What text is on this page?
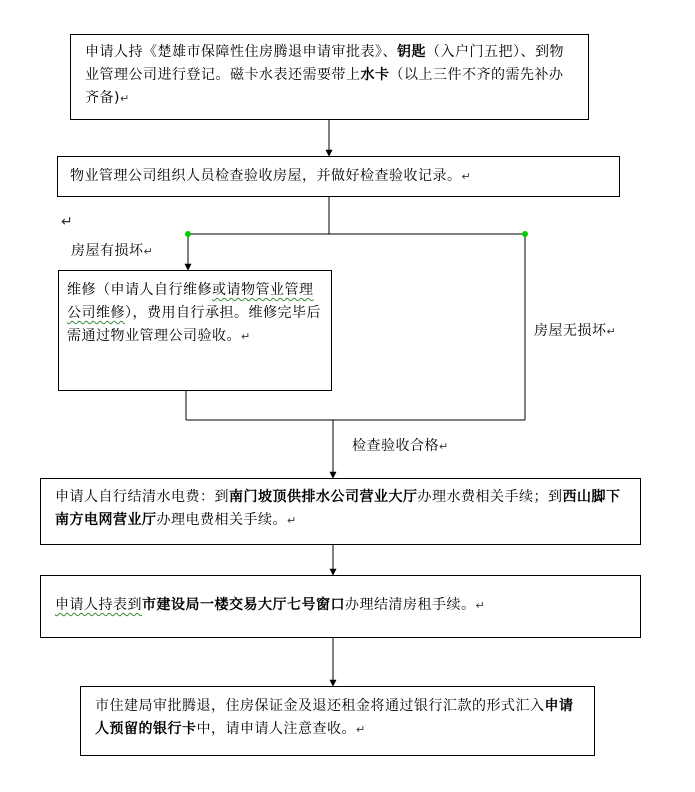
申请人持《楚雄市保障性住房腾退申请审批表》、钥匙（入户门五把）、到物业管理公司进行登记。磁卡水表还需要带上水卡（以上三件不齐的需先补办齐备)↵

物业管理公司组织人员检查验收房屋，并做好检查验收记录。↵

↵
房屋有损坏↵

维修（申请人自行维修或请物管业管理公司维修），费用自行承担。维修完毕后需通过物业管理公司验收。↵	房屋无损坏↵
检查验收合格↵

申请人自行结清水电费：到南门坡顶供排水公司营业大厅办理水费相关手续；到西山脚下南方电网营业厅办理电费相关手续。↵

申请人持表到市建设局一楼交易大厅七号窗口办理结清房租手续。↵

市住建局审批腾退，住房保证金及退还租金将通过银行汇款的形式汇入申请人预留的银行卡中，请申请人注意查收。↵
